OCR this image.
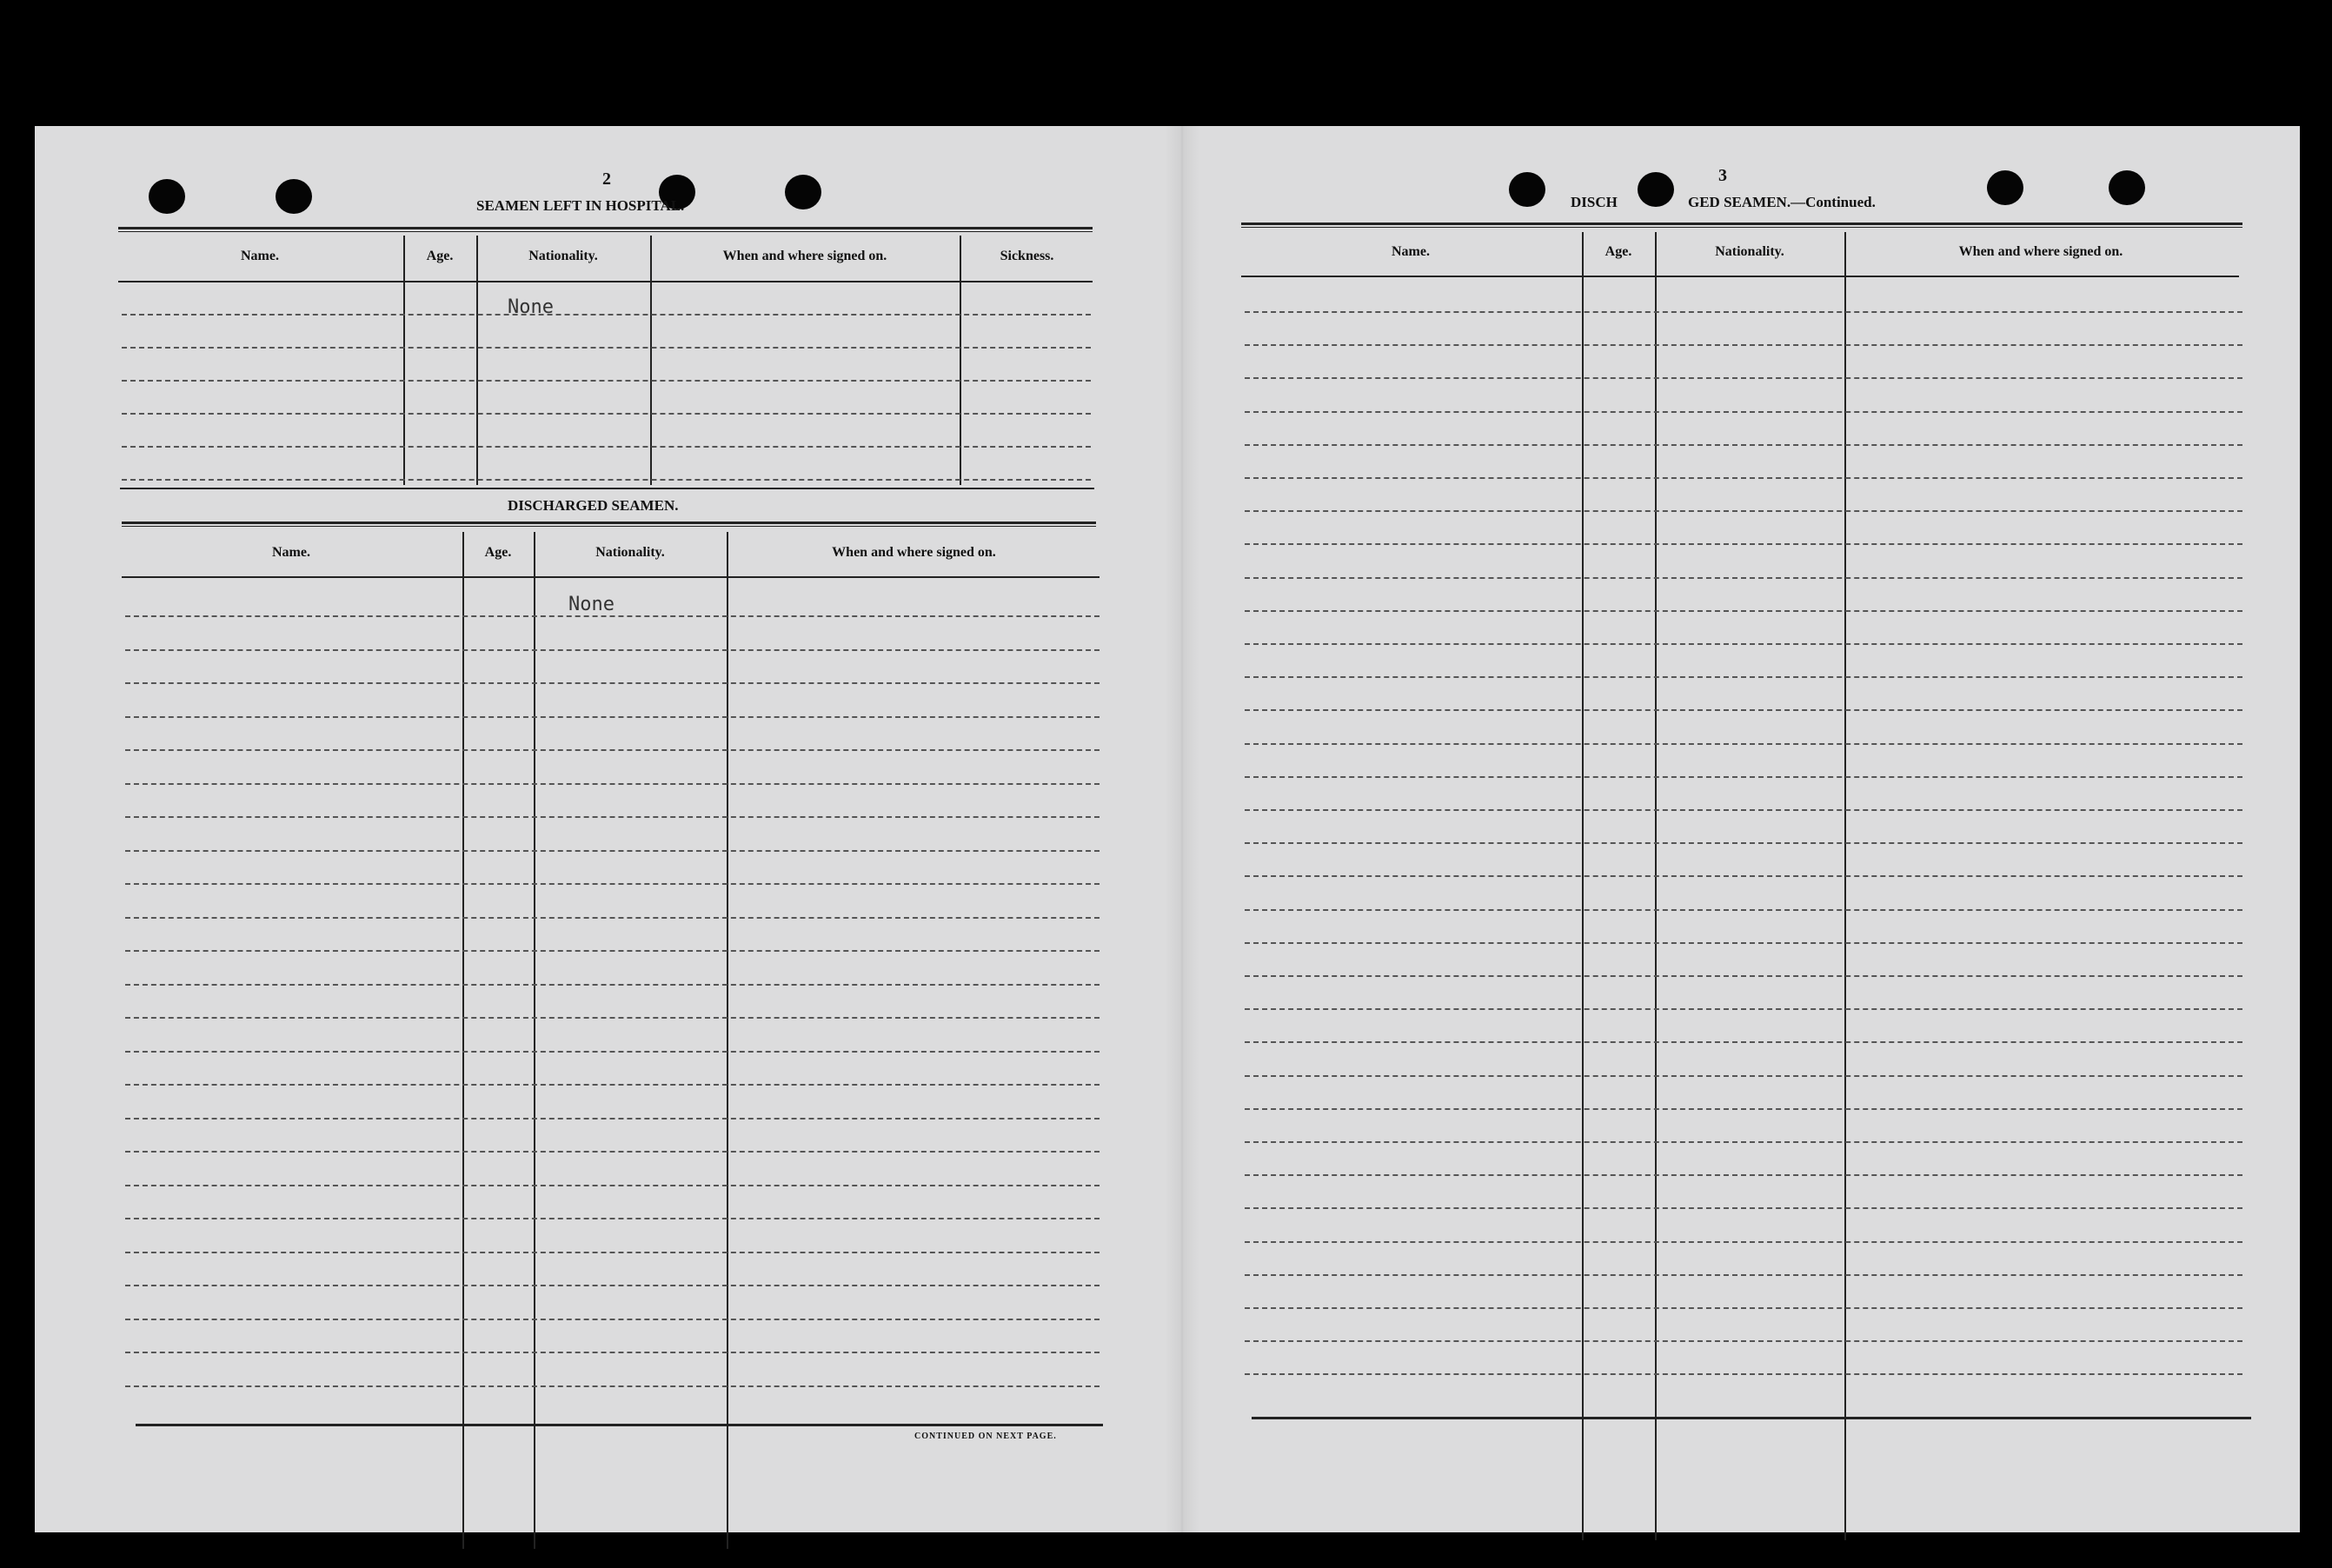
2
SEAMEN LEFT IN HOSPITAL.
Name.	Age.	Nationality.	When and where signed on.	Sickness.
None
DISCHARGED SEAMEN.
Name.	Age.	Nationality.	When and where signed on.
None
CONTINUED ON NEXT PAGE.
3
DISCH	GED SEAMEN.—Continued.
Name.	Age.	Nationality.	When and where signed on.
